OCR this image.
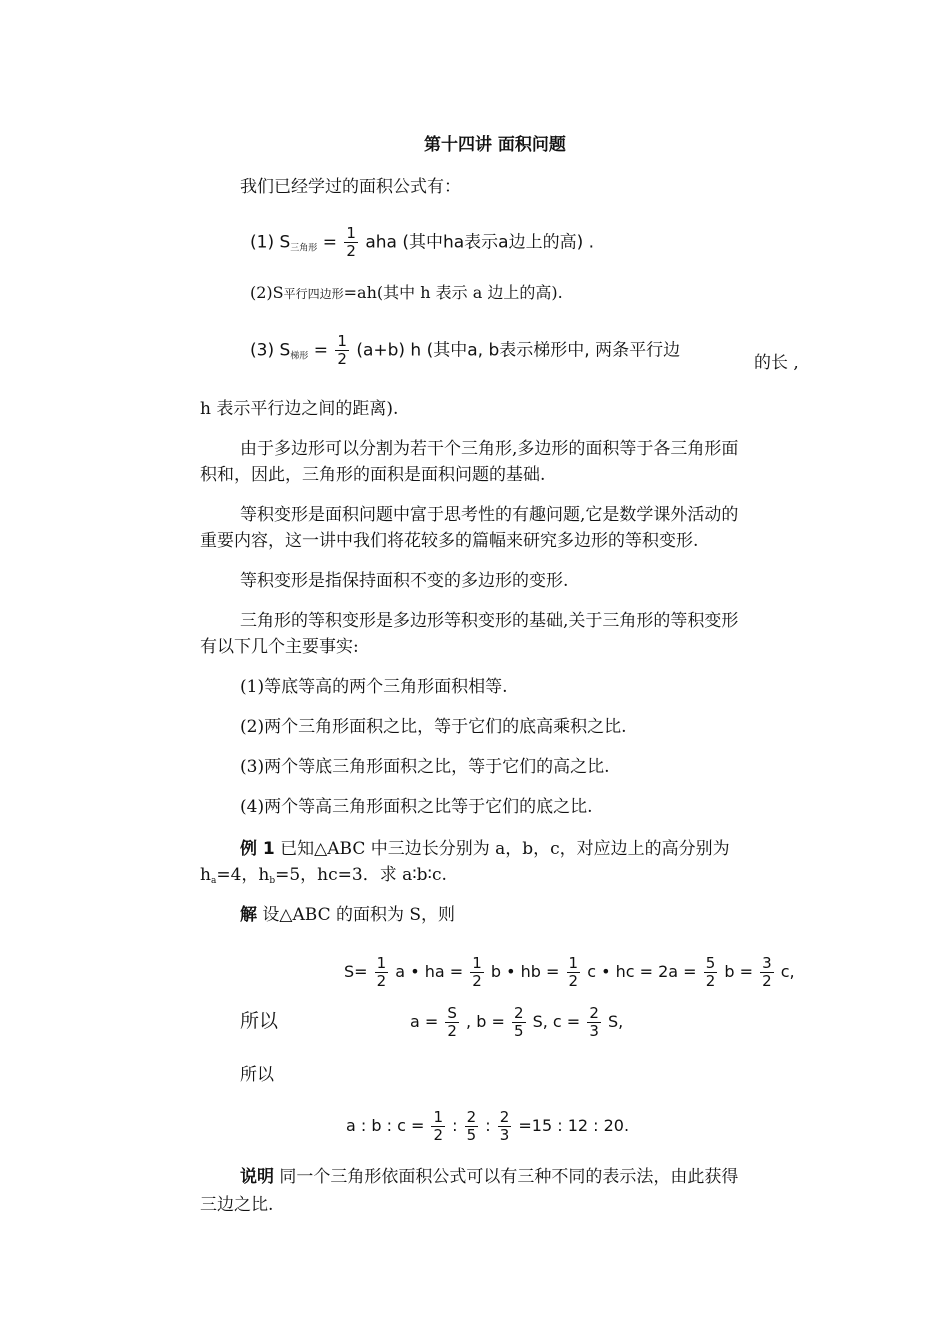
第十四讲 面积问题
我们已经学过的面积公式有：
(1) $S_{三角形} = \frac{1}{2}$ aha (其中ha表示a边上的高) .
(2)S平行四边形=ah(其中 h 表示 a 边上的高).
(3) $S_{梯形} = \frac{1}{2} (a+b)$ h (其中a, b表示梯形中, 两条平行边
的长 ,
h 表示平行边之间的距离).
由于多边形可以分割为若干个三角形,多边形的面积等于各三角形面
积和，因此，三角形的面积是面积问题的基础.
等积变形是面积问题中富于思考性的有趣问题,它是数学课外活动的
重要内容，这一讲中我们将花较多的篇幅来研究多边形的等积变形.
等积变形是指保持面积不变的多边形的变形.
三角形的等积变形是多边形等积变形的基础,关于三角形的等积变形
有以下几个主要事实:
(1)等底等高的两个三角形面积相等.
(2)两个三角形面积之比，等于它们的底高乘积之比.
(3)两个等底三角形面积之比，等于它们的高之比.
(4)两个等高三角形面积之比等于它们的底之比.
例 1 已知△ABC 中三边长分别为 a，b，c，对应边上的高分别为
$h_a=4$，$h_b=5$，hc=3．求 a∶b∶c.
解 设△ABC 的面积为 S，则
$S= \frac{1}{2}$ a • ha = $\frac{1}{2}$ b • hb = $\frac{1}{2}$ c • hc = $2a = \frac{5}{2}$ $b = \frac{3}{2} c$,
所以	$a = \frac{S}{2}$ , $b = \frac{2}{5} S$, $c = \frac{2}{3} S$,
所以
a : b : $c = \frac{1}{2}$ : $\frac{2}{5}$ : $\frac{2}{3} =15$ : 12 : 20.
说明 同一个三角形依面积公式可以有三种不同的表示法，由此获得
三边之比.
